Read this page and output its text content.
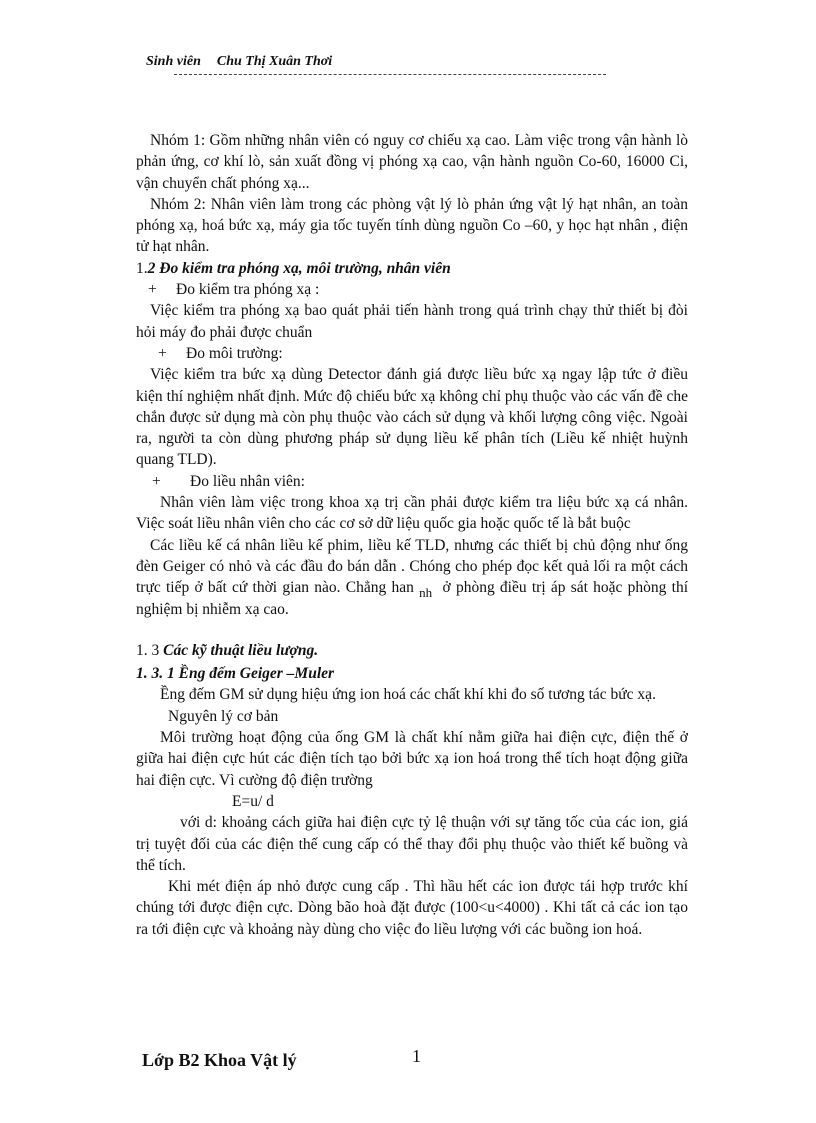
Sinh viên Chu Thị Xuân Thơi

Nhóm 1: Gồm những nhân viên có nguy cơ chiếu xạ cao. Làm việc trong vận hành lò phản ứng, cơ khí lò, sản xuất đồng vị phóng xạ cao, vận hành nguồn Co-60, 16000 Ci, vận chuyển chất phóng xạ...

Nhóm 2: Nhân viên làm trong các phòng vật lý lò phản ứng vật lý hạt nhân, an toàn phóng xạ, hoá bức xạ, máy gia tốc tuyến tính dùng nguồn Co –60, y học hạt nhân , điện tử hạt nhân.

1.2 Đo kiểm tra phóng xạ, môi trường, nhân viên

+ Đo kiểm tra phóng xạ :

Việc kiểm tra phóng xạ bao quát phải tiến hành trong quá trình chạy thử thiết bị đòi hỏi máy đo phải được chuẩn

+ Đo môi trường:

Việc kiểm tra bức xạ dùng Detector đánh giá được liều bức xạ ngay lập tức ở điều kiện thí nghiệm nhất định. Mức độ chiếu bức xạ không chỉ phụ thuộc vào các vấn đề che chắn được sử dụng mà còn phụ thuộc vào cách sử dụng và khối lượng công việc. Ngoài ra, người ta còn dùng phương pháp sử dụng liều kế phân tích (Liều kế nhiệt huỳnh quang TLD).

+ Đo liều nhân viên:

Nhân viên làm việc trong khoa xạ trị cần phải được kiểm tra liệu bức xạ cá nhân. Việc soát liều nhân viên cho các cơ sở dữ liệu quốc gia hoặc quốc tế là bắt buộc

Các liều kế cá nhân liều kế phim, liều kế TLD, nhưng các thiết bị chủ động như ống đèn Geiger có nhỏ và các đầu đo bán dẫn . Chóng cho phép đọc kết quả lối ra một cách trực tiếp ở bất cứ thời gian nào. Chẳng han $_{nh}$ ở phòng điều trị áp sát hoặc phòng thí nghiệm bị nhiễm xạ cao.

1. 3 Các kỹ thuật liều lượng.

1. 3. 1 Ềng đếm Geiger –Muler

Ềng đếm GM sử dụng hiệu ứng ion hoá các chất khí khi đo số tương tác bức xạ.

Nguyên lý cơ bản

Môi trường hoạt động của ống GM là chất khí nằm giữa hai điện cực, điện thế ở giữa hai điện cực hút các điện tích tạo bởi bức xạ ion hoá trong thể tích hoạt động giữa hai điện cực. Vì cường độ điện trường

E=u/ d

với d: khoảng cách giữa hai điện cực tỷ lệ thuận với sự tăng tốc của các ion, giá trị tuyệt đối của các điện thế cung cấp có thể thay đổi phụ thuộc vào thiết kế buồng và thể tích.

Khi mét điện áp nhỏ được cung cấp . Thì hầu hết các ion được tái hợp trước khí chúng tới được điện cực. Dòng bão hoà đặt được (100<u<4000) . Khi tất cả các ion tạo ra tới điện cực và khoảng này dùng cho việc đo liều lượng với các buồng ion hoá.

Lớp B2 Khoa Vật lý	1
